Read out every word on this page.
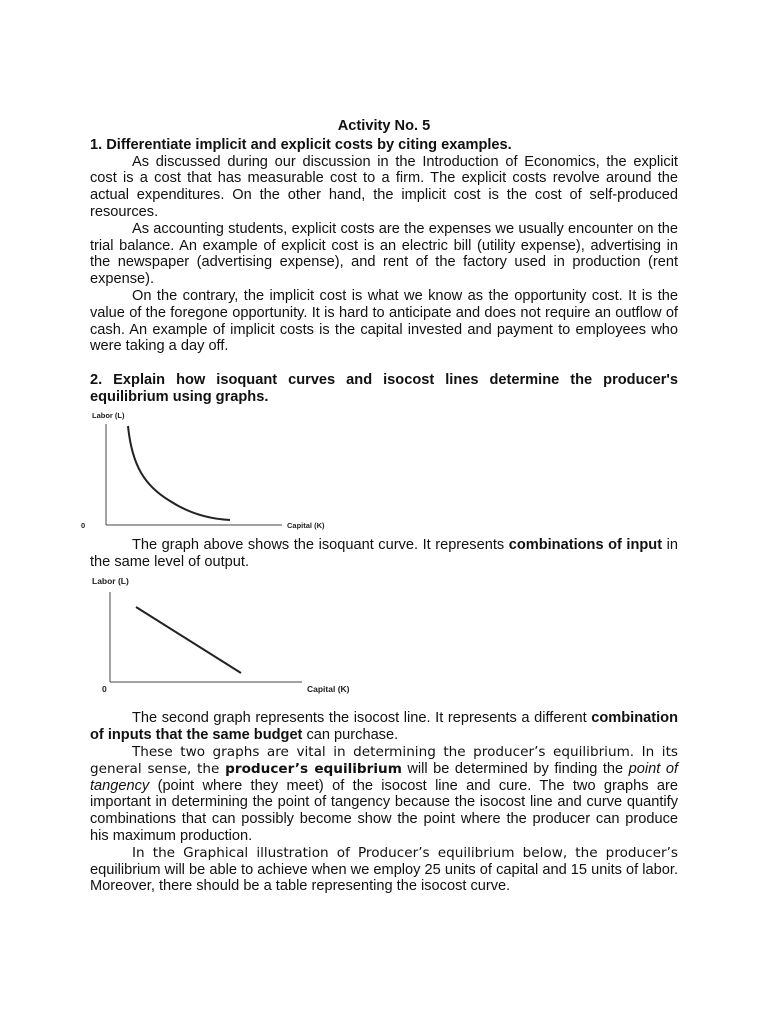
Activity No. 5

1. Differentiate implicit and explicit costs by citing examples.

As discussed during our discussion in the Introduction of Economics, the explicit cost is a cost that has measurable cost to a firm. The explicit costs revolve around the actual expenditures. On the other hand, the implicit cost is the cost of self-produced resources.

As accounting students, explicit costs are the expenses we usually encounter on the trial balance. An example of explicit cost is an electric bill (utility expense), advertising in the newspaper (advertising expense), and rent of the factory used in production (rent expense).

On the contrary, the implicit cost is what we know as the opportunity cost. It is the value of the foregone opportunity. It is hard to anticipate and does not require an outflow of cash. An example of implicit costs is the capital invested and payment to employees who were taking a day off.

2. Explain how isoquant curves and isocost lines determine the producer's equilibrium using graphs.

Labor (L)
0	Capital (K)

The graph above shows the isoquant curve. It represents combinations of input in the same level of output.

Labor (L)
0	Capital (K)

The second graph represents the isocost line. It represents a different combination of inputs that the same budget can purchase.

These two graphs are vital in determining the producer’s equilibrium. In its general sense, the producer’s equilibrium will be determined by finding the point of tangency (point where they meet) of the isocost line and cure. The two graphs are important in determining the point of tangency because the isocost line and curve quantify combinations that can possibly become show the point where the producer can produce his maximum production.

In the Graphical illustration of Producer’s equilibrium below, the producer’s equilibrium will be able to achieve when we employ 25 units of capital and 15 units of labor. Moreover, there should be a table representing the isocost curve.
